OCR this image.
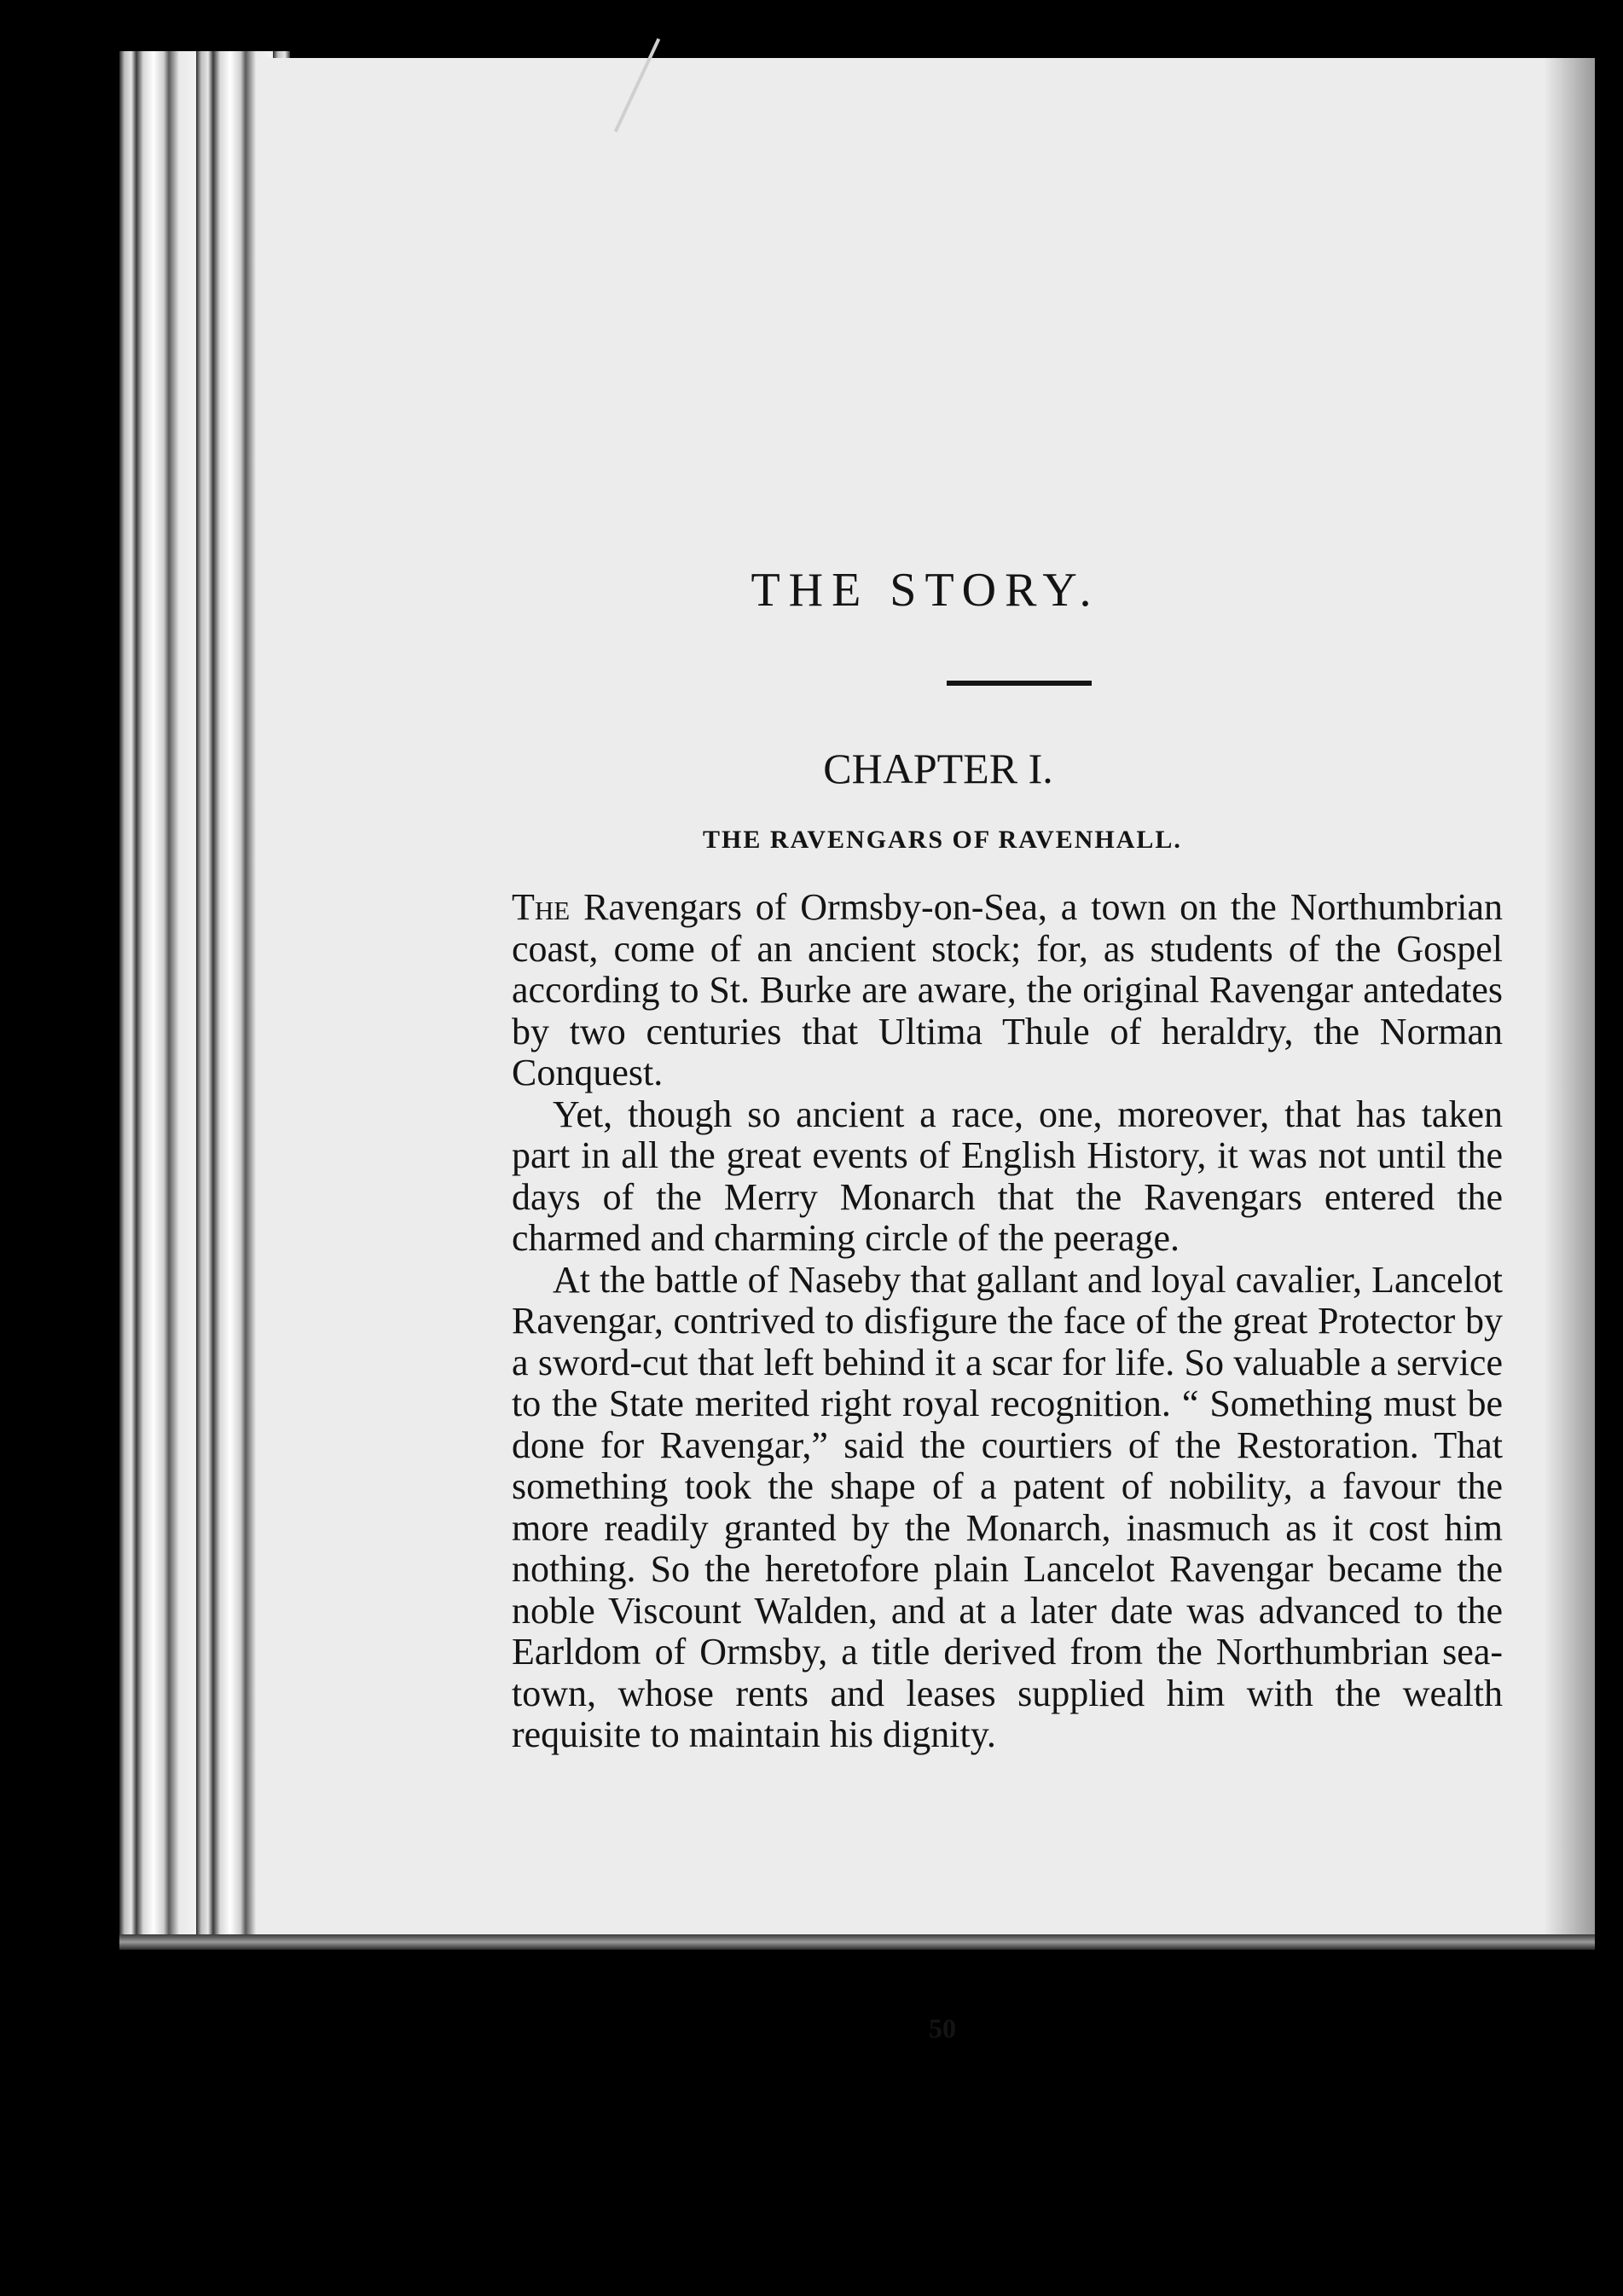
THE STORY.
CHAPTER I.
THE RAVENGARS OF RAVENHALL.

The Ravengars of Ormsby-on-Sea, a town on the Northumbrian coast, come of an ancient stock; for, as students of the Gospel according to St. Burke are aware, the original Ravengar antedates by two centuries that Ultima Thule of heraldry, the Norman Conquest.

Yet, though so ancient a race, one, moreover, that has taken part in all the great events of English History, it was not until the days of the Merry Monarch that the Ravengars entered the charmed and charming circle of the peerage.

At the battle of Naseby that gallant and loyal cavalier, Lancelot Ravengar, contrived to disfigure the face of the great Protector by a sword-cut that left behind it a scar for life. So valuable a service to the State merited right royal recognition. “ Something must be done for Ravengar,” said the courtiers of the Restoration. That something took the shape of a patent of nobility, a favour the more readily granted by the Monarch, inasmuch as it cost him nothing. So the heretofore plain Lancelot Ravengar became the noble Viscount Walden, and at a later date was advanced to the Earldom of Ormsby, a title derived from the Northumbrian sea-town, whose rents and leases supplied him with the wealth requisite to maintain his dignity.

50
